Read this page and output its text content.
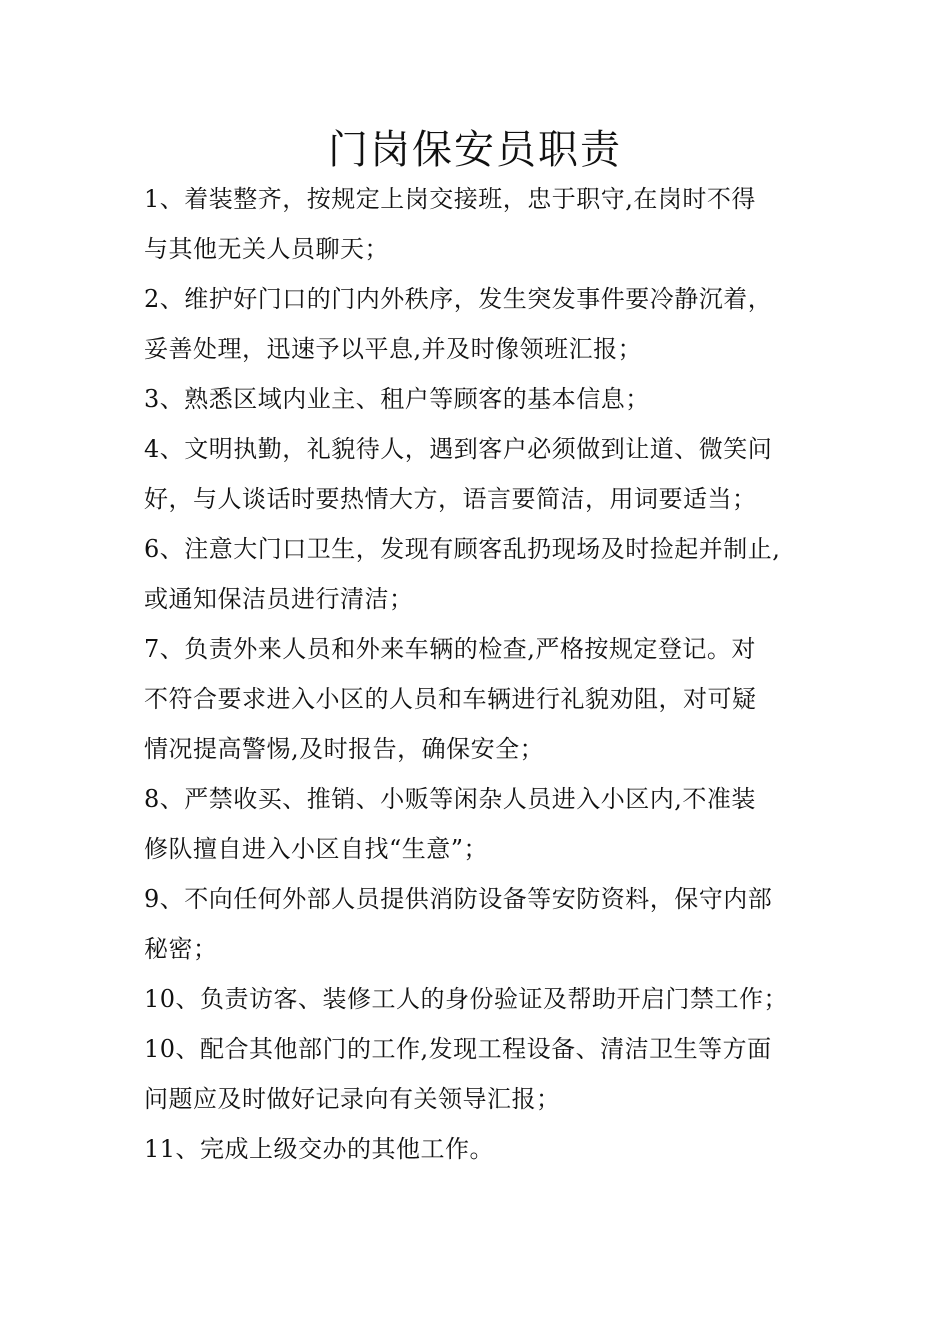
门岗保安员职责
1、着装整齐，按规定上岗交接班，忠于职守,在岗时不得
与其他无关人员聊天；
2、维护好门口的门内外秩序，发生突发事件要冷静沉着，
妥善处理，迅速予以平息,并及时像领班汇报；
3、熟悉区域内业主、租户等顾客的基本信息；
4、文明执勤，礼貌待人，遇到客户必须做到让道、微笑问
好，与人谈话时要热情大方，语言要简洁，用词要适当；
6、注意大门口卫生，发现有顾客乱扔现场及时捡起并制止,
或通知保洁员进行清洁；
7、负责外来人员和外来车辆的检查,严格按规定登记。对
不符合要求进入小区的人员和车辆进行礼貌劝阻，对可疑
情况提高警惕,及时报告，确保安全；
8、严禁收买、推销、小贩等闲杂人员进入小区内,不准装
修队擅自进入小区自找“生意”；
9、不向任何外部人员提供消防设备等安防资料，保守内部
秘密；
10、负责访客、装修工人的身份验证及帮助开启门禁工作；
10、配合其他部门的工作,发现工程设备、清洁卫生等方面
问题应及时做好记录向有关领导汇报；
11、完成上级交办的其他工作。
